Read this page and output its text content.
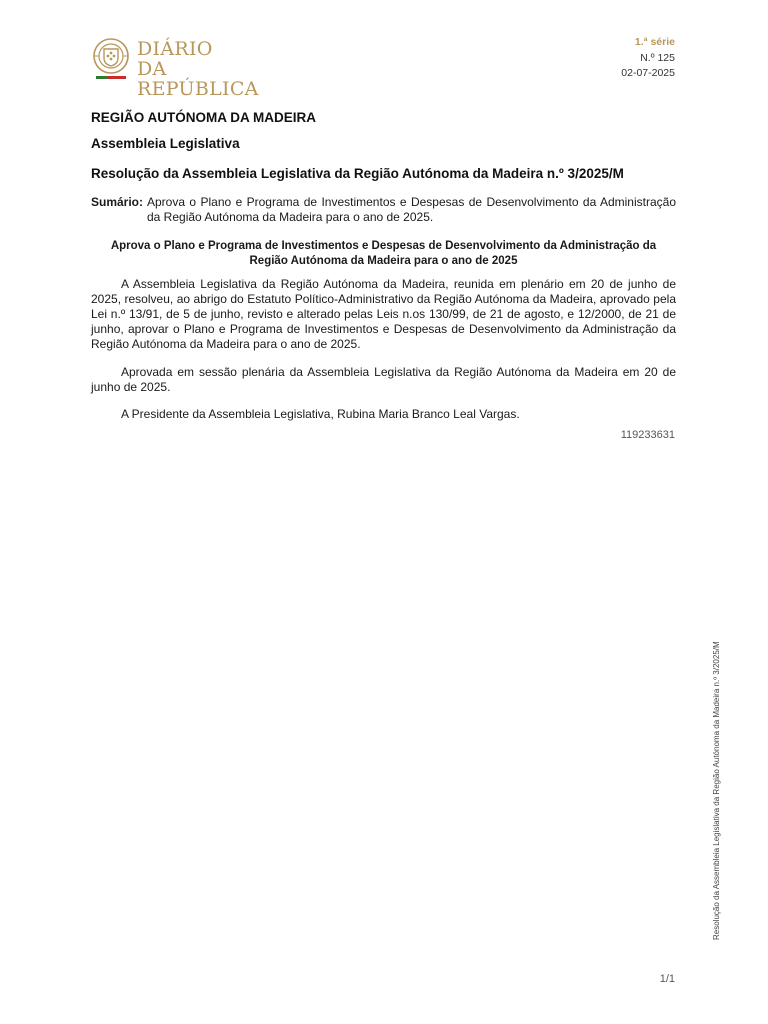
DIÁRIO
DA REPÚBLICA
1.ª série
N.º 125
02-07-2025
REGIÃO AUTÓNOMA DA MADEIRA
Assembleia Legislativa
Resolução da Assembleia Legislativa da Região Autónoma da Madeira n.º 3/2025/M
Sumário: Aprova o Plano e Programa de Investimentos e Despesas de Desenvolvimento da Administração da Região Autónoma da Madeira para o ano de 2025.
Aprova o Plano e Programa de Investimentos e Despesas de Desenvolvimento da Administração da Região Autónoma da Madeira para o ano de 2025

A Assembleia Legislativa da Região Autónoma da Madeira, reunida em plenário em 20 de junho de 2025, resolveu, ao abrigo do Estatuto Político-Administrativo da Região Autónoma da Madeira, aprovado pela Lei n.º 13/91, de 5 de junho, revisto e alterado pelas Leis n.os 130/99, de 21 de agosto, e 12/2000, de 21 de junho, aprovar o Plano e Programa de Investimentos e Despesas de Desenvolvimento da Administração da Região Autónoma da Madeira para o ano de 2025.

Aprovada em sessão plenária da Assembleia Legislativa da Região Autónoma da Madeira em 20 de junho de 2025.

A Presidente da Assembleia Legislativa, Rubina Maria Branco Leal Vargas.

119233631
Resolução da Assembleia Legislativa da Região Autónoma da Madeira n.º 3/2025/M
1/1
